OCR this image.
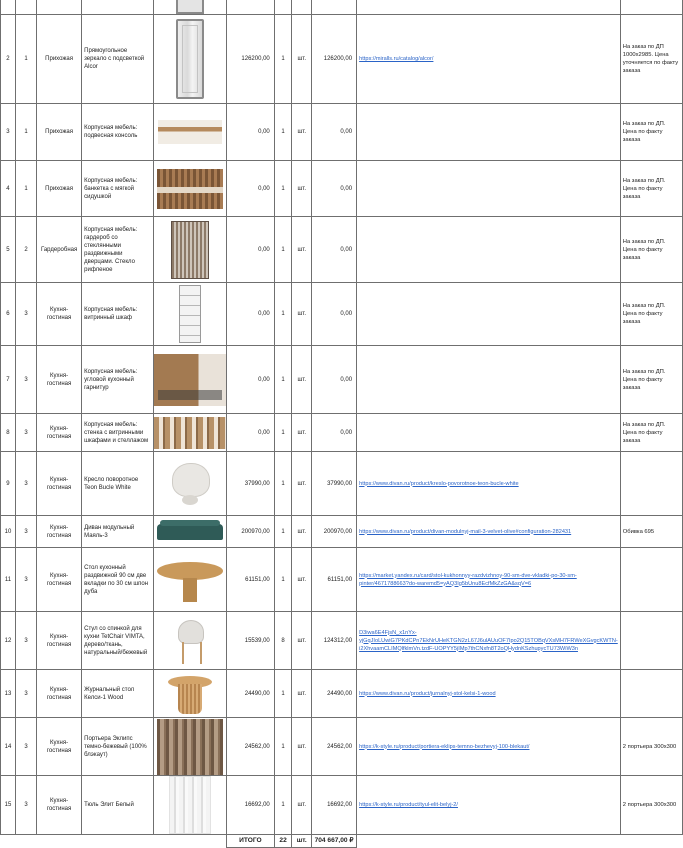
2	1	Прихожая	Прямоугольное зеркало с подсветкой Alcor		126200,00	1	шт.	126200,00	https://miralls.ru/catalog/alcor/	На заказ по ДП 1000х2985. Цена уточняется по факту заказа
3	1	Прихожая	Корпусная мебель: подвесная консоль		0,00	1	шт.	0,00		На заказ по ДП. Цена по факту заказа
4	1	Прихожая	Корпусная мебель: банкетка с мягкой сидушкой		0,00	1	шт.	0,00		На заказ по ДП. Цена по факту заказа
5	2	Гардеробная	Корпусная мебель: гардероб со стеклянными раздвижными дверцами. Стекло рифленое		0,00	1	шт.	0,00		На заказ по ДП. Цена по факту заказа
6	3	Кухня-гостиная	Корпусная мебель: витринный шкаф		0,00	1	шт.	0,00		На заказ по ДП. Цена по факту заказа
7	3	Кухня-гостиная	Корпусная мебель: угловой кухонный гарнитур		0,00	1	шт.	0,00		На заказ по ДП. Цена по факту заказа
8	3	Кухня-гостиная	Корпусная мебель: стенка с витринными шкафами и стеллажом		0,00	1	шт.	0,00		На заказ по ДП. Цена по факту заказа
9	3	Кухня-гостиная	Кресло поворотное Teon Bucle White		37990,00	1	шт.	37990,00	https://www.divan.ru/product/kreslo-povorotnoe-teon-bucle-white	
10	3	Кухня-гостиная	Диван модульный Маяль-3		200970,00	1	шт.	200970,00	https://www.divan.ru/product/divan-modulnyj-mail-3-velvet-olive#configuration-282431	Обивка 695
11	3	Кухня-гостиная	Стол кухонный раздвижной 90 см две вкладки по 30 см шпон дуба		61151,00	1	шт.	61151,00	https://market.yandex.ru/card/stol-kukhonnyy-razdvizhnoy-90-sm-dve-vkladki-po-30-sm-pinter/4671788663?do-waremd5=yAQ3Ig5bUnu8EcfMkZzGA&sqV=6	
12	3	Кухня-гостиная	Стул со спинкой для кухни TetChair VIMTA, дерево/ткань, натуральный/бежевый		15539,00	8	шт.	124312,00	D3iwa6E4FjsN_x1nYx-yjGqJIoLUwiG7PKdCPn7EkNrUHeKTGN2zL67J6ulAUuOF7Ipo2Q15TOBqVXsMH7FRWeXGvgcKWTN-i2XhvaamCLIMQlfklmVn.tzdF-UOPYY5jIMp7thCNxfn8T2oQHydnKSzhupycTU73WiW3n	
13	3	Кухня-гостиная	Журнальный стол Келси-1 Wood		24490,00	1	шт.	24490,00	https://www.divan.ru/product/jurnalnyj-stol-kelsi-1-wood	
14	3	Кухня-гостиная	Портьера Эклипс темно-бежевый (100% блэкаут)		24562,00	1	шт.	24562,00	https://k-style.ru/product/portiera-eklips-temno-bezhevyj-100-blekaut/	2 портьера 300х300
15	3	Кухня-гостиная	Тюль Элит Белый		16692,00	1	шт.	16692,00	https://k-style.ru/product/tyul-elit-belyj-2/	2 портьера 300х300
					ИТОГО	22	шт.	704 667,00 ₽		
